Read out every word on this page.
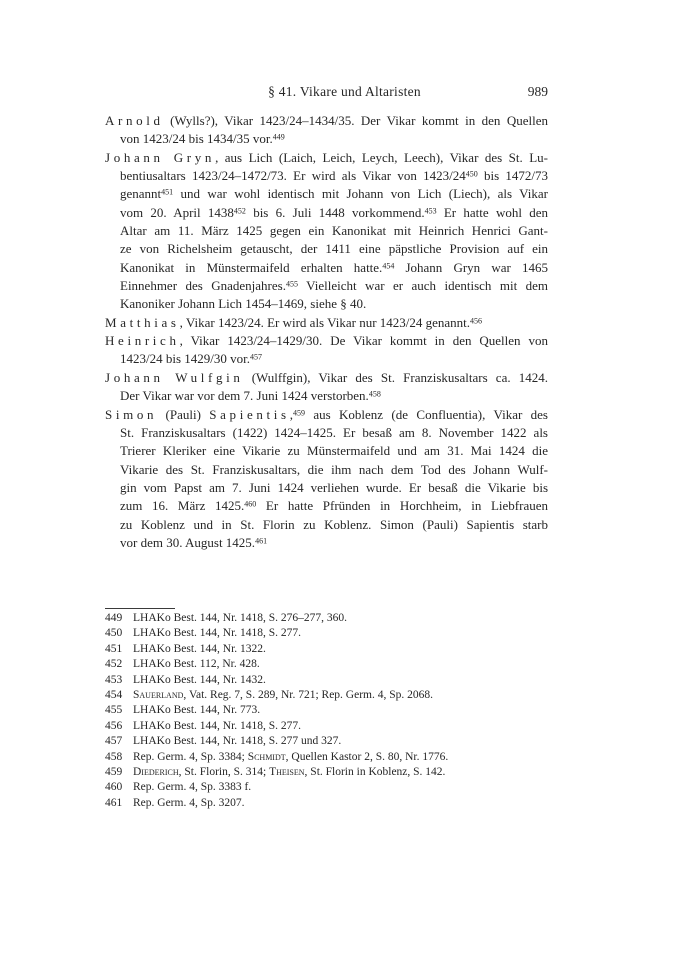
§ 41. Vikare und Altaristen	989
Arnold (Wylls?), Vikar 1423/24–1434/35. Der Vikar kommt in den Quellen
von 1423/24 bis 1434/35 vor.$^{449}$
Johann Gryn, aus Lich (Laich, Leich, Leych, Leech), Vikar des St. Lu-
bentiusaltars 1423/24–1472/73. Er wird als Vikar von 1423/24$^{450}$ bis 1472/73
genannt$^{451}$ und war wohl identisch mit Johann von Lich (Liech), als Vikar
vom 20. April 1438$^{452}$ bis 6. Juli 1448 vorkommend.$^{453}$ Er hatte wohl den
Altar am 11. März 1425 gegen ein Kanonikat mit Heinrich Henrici Gant-
ze von Richelsheim getauscht, der 1411 eine päpstliche Provision auf ein
Kanonikat in Münstermaifeld erhalten hatte.$^{454}$ Johann Gryn war 1465
Einnehmer des Gnadenjahres.$^{455}$ Vielleicht war er auch identisch mit dem
Kanoniker Johann Lich 1454–1469, siehe § 40.
Matthias, Vikar 1423/24. Er wird als Vikar nur 1423/24 genannt.$^{456}$
Heinrich, Vikar 1423/24–1429/30. De Vikar kommt in den Quellen von
1423/24 bis 1429/30 vor.$^{457}$
Johann Wulfgin (Wulffgin), Vikar des St. Franziskusaltars ca. 1424.
Der Vikar war vor dem 7. Juni 1424 verstorben.$^{458}$
Simon (Pauli) Sapientis,$^{459}$ aus Koblenz (de Confluentia), Vikar des
St. Franziskusaltars (1422) 1424–1425. Er besaß am 8. November 1422 als
Trierer Kleriker eine Vikarie zu Münstermaifeld und am 31. Mai 1424 die
Vikarie des St. Franziskusaltars, die ihm nach dem Tod des Johann Wulf-
gin vom Papst am 7. Juni 1424 verliehen wurde. Er besaß die Vikarie bis
zum 16. März 1425.$^{460}$ Er hatte Pfründen in Horchheim, in Liebfrauen
zu Koblenz und in St. Florin zu Koblenz. Simon (Pauli) Sapientis starb
vor dem 30. August 1425.$^{461}$
449 LHAKo Best. 144, Nr. 1418, S. 276–277, 360.
450 LHAKo Best. 144, Nr. 1418, S. 277.
451 LHAKo Best. 144, Nr. 1322.
452 LHAKo Best. 112, Nr. 428.
453 LHAKo Best. 144, Nr. 1432.
454 Sauerland, Vat. Reg. 7, S. 289, Nr. 721; Rep. Germ. 4, Sp. 2068.
455 LHAKo Best. 144, Nr. 773.
456 LHAKo Best. 144, Nr. 1418, S. 277.
457 LHAKo Best. 144, Nr. 1418, S. 277 und 327.
458 Rep. Germ. 4, Sp. 3384; Schmidt, Quellen Kastor 2, S. 80, Nr. 1776.
459 Diederich, St. Florin, S. 314; Theisen, St. Florin in Koblenz, S. 142.
460 Rep. Germ. 4, Sp. 3383 f.
461 Rep. Germ. 4, Sp. 3207.
